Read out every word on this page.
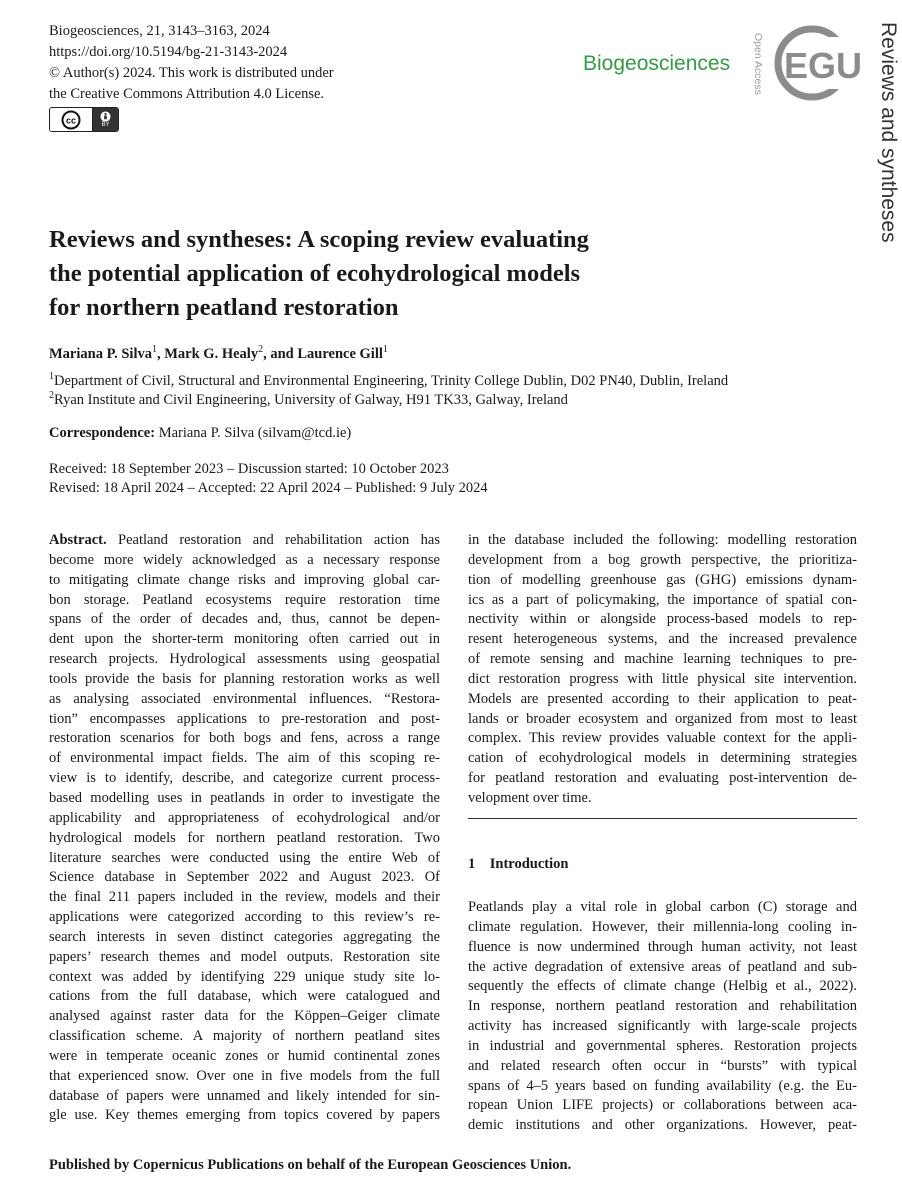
Biogeosciences, 21, 3143–3163, 2024
https://doi.org/10.5194/bg-21-3143-2024
© Author(s) 2024. This work is distributed under
the Creative Commons Attribution 4.0 License.
cc	BY
Biogeosciences Open Access EGU Reviews and syntheses
Reviews and syntheses: A scoping review evaluating
the potential application of ecohydrological models
for northern peatland restoration
Mariana P. Silva$^1$, Mark G. Healy$^2$, and Laurence Gill$^1$
$^1$Department of Civil, Structural and Environmental Engineering, Trinity College Dublin, D02 PN40, Dublin, Ireland
$^2$Ryan Institute and Civil Engineering, University of Galway, H91 TK33, Galway, Ireland
Correspondence: Mariana P. Silva (silvam@tcd.ie)
Received: 18 September 2023 – Discussion started: 10 October 2023
Revised: 18 April 2024 – Accepted: 22 April 2024 – Published: 9 July 2024
Abstract. Peatland restoration and rehabilitation action has
become more widely acknowledged as a necessary response
to mitigating climate change risks and improving global car-
bon storage. Peatland ecosystems require restoration time
spans of the order of decades and, thus, cannot be depen-
dent upon the shorter-term monitoring often carried out in
research projects. Hydrological assessments using geospatial
tools provide the basis for planning restoration works as well
as analysing associated environmental influences. “Restora-
tion” encompasses applications to pre-restoration and post-
restoration scenarios for both bogs and fens, across a range
of environmental impact fields. The aim of this scoping re-
view is to identify, describe, and categorize current process-
based modelling uses in peatlands in order to investigate the
applicability and appropriateness of ecohydrological and/or
hydrological models for northern peatland restoration. Two
literature searches were conducted using the entire Web of
Science database in September 2022 and August 2023. Of
the final 211 papers included in the review, models and their
applications were categorized according to this review’s re-
search interests in seven distinct categories aggregating the
papers’ research themes and model outputs. Restoration site
context was added by identifying 229 unique study site lo-
cations from the full database, which were catalogued and
analysed against raster data for the Köppen–Geiger climate
classification scheme. A majority of northern peatland sites
were in temperate oceanic zones or humid continental zones
that experienced snow. Over one in five models from the full
database of papers were unnamed and likely intended for sin-
gle use. Key themes emerging from topics covered by papers
in the database included the following: modelling restoration
development from a bog growth perspective, the prioritiza-
tion of modelling greenhouse gas (GHG) emissions dynam-
ics as a part of policymaking, the importance of spatial con-
nectivity within or alongside process-based models to rep-
resent heterogeneous systems, and the increased prevalence
of remote sensing and machine learning techniques to pre-
dict restoration progress with little physical site intervention.
Models are presented according to their application to peat-
lands or broader ecosystem and organized from most to least
complex. This review provides valuable context for the appli-
cation of ecohydrological models in determining strategies
for peatland restoration and evaluating post-intervention de-
velopment over time.
1 Introduction
Peatlands play a vital role in global carbon (C) storage and
climate regulation. However, their millennia-long cooling in-
fluence is now undermined through human activity, not least
the active degradation of extensive areas of peatland and sub-
sequently the effects of climate change (Helbig et al., 2022).
In response, northern peatland restoration and rehabilitation
activity has increased significantly with large-scale projects
in industrial and governmental spheres. Restoration projects
and related research often occur in “bursts” with typical
spans of 4–5 years based on funding availability (e.g. the Eu-
ropean Union LIFE projects) or collaborations between aca-
demic institutions and other organizations. However, peat-
Published by Copernicus Publications on behalf of the European Geosciences Union.
